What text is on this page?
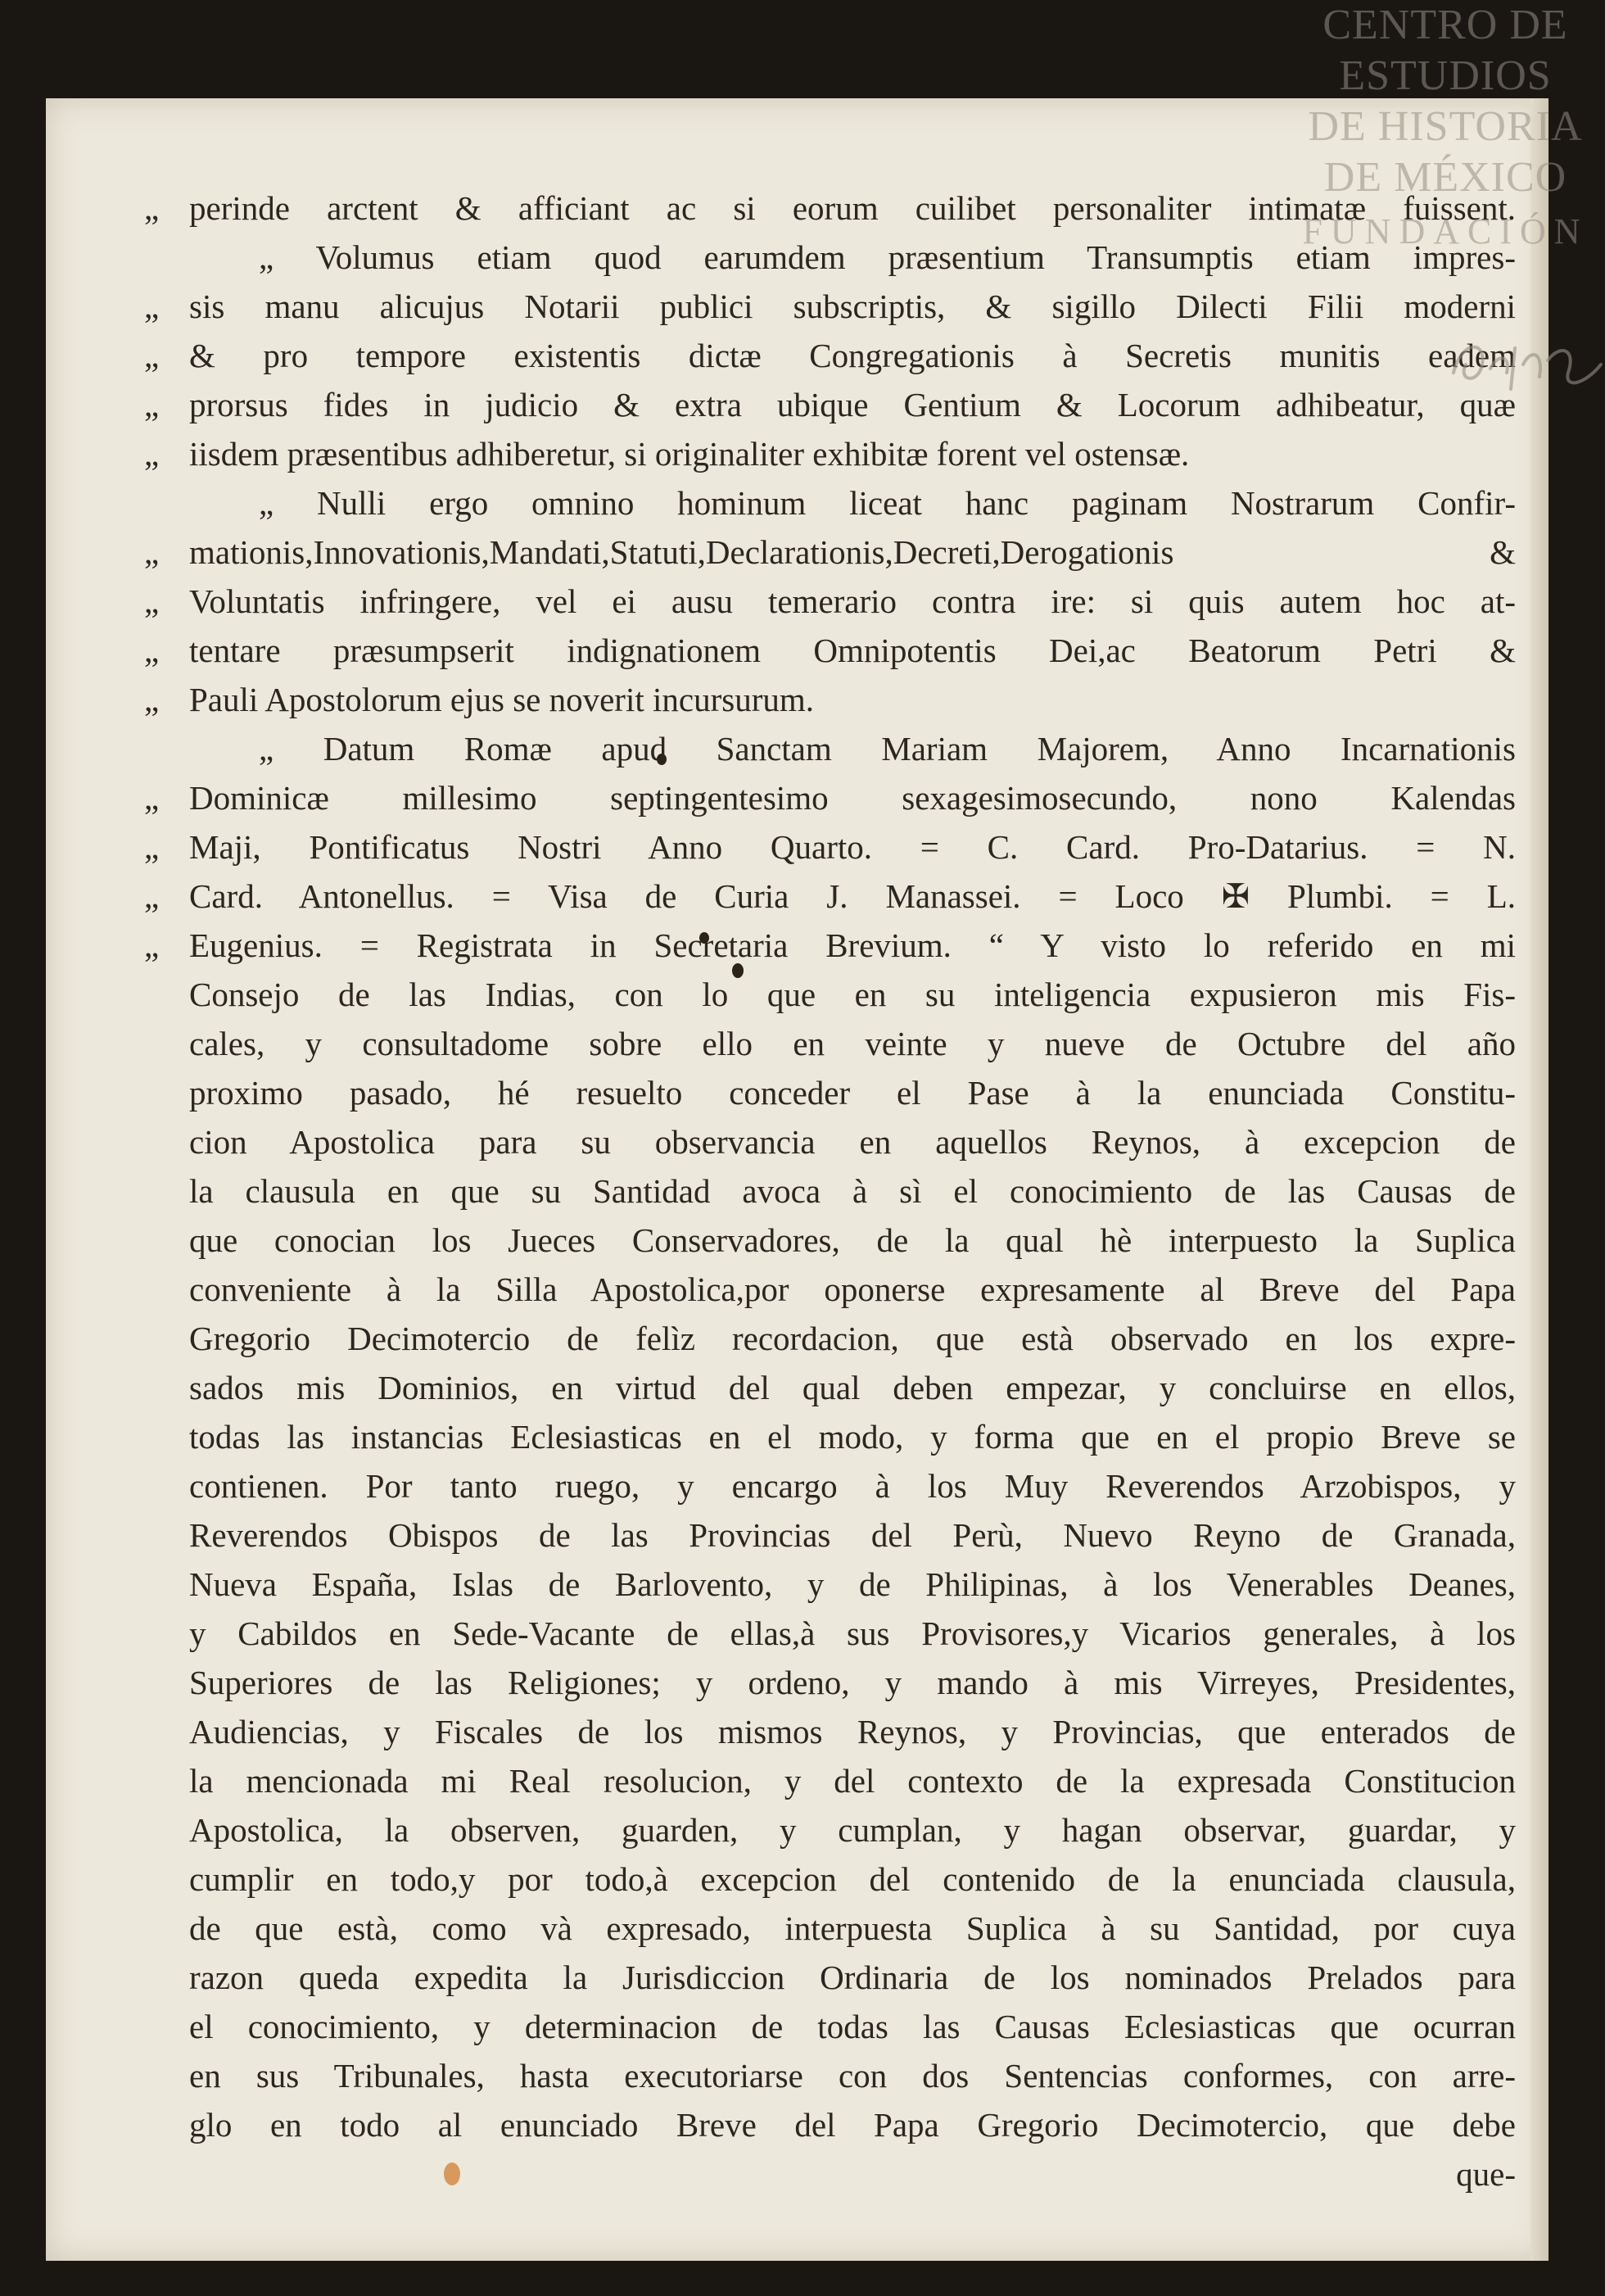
„ perinde arctent & afficiant ac si eorum cuilibet personaliter intimatæ fuissent.
„ Volumus etiam quod earumdem præsentium Transumptis etiam impres-
„ sis manu alicujus Notarii publici subscriptis, & sigillo Dilecti Filii moderni
„ & pro tempore existentis dictæ Congregationis à Secretis munitis eadem
„ prorsus fides in judicio & extra ubique Gentium & Locorum adhibeatur, quæ
„ iisdem præsentibus adhiberetur, si originaliter exhibitæ forent vel ostensæ.
„ Nulli ergo omnino hominum liceat hanc paginam Nostrarum Confir-
„ mationis,Innovationis,Mandati,Statuti,Declarationis,Decreti,Derogationis &
„ Voluntatis infringere, vel ei ausu temerario contra ire: si quis autem hoc at-
„ tentare præsumpserit indignationem Omnipotentis Dei,ac Beatorum Petri &
„ Pauli Apostolorum ejus se noverit incursurum.
„ Datum Romæ apud Sanctam Mariam Majorem, Anno Incarnationis
„ Dominicæ millesimo septingentesimo sexagesimosecundo, nono Kalendas
„ Maji, Pontificatus Nostri Anno Quarto. = C. Card. Pro-Datarius. = N.
„ Card. Antonellus. = Visa de Curia J. Manassei. = Loco ✠ Plumbi. = L.
„ Eugenius. = Registrata in Secretaria Brevium. “ Y visto lo referido en mi
Consejo de las Indias, con lo que en su inteligencia expusieron mis Fis-
cales, y consultadome sobre ello en veinte y nueve de Octubre del año
proximo pasado, hé resuelto conceder el Pase à la enunciada Constitu-
cion Apostolica para su observancia en aquellos Reynos, à excepcion de
la clausula en que su Santidad avoca à sì el conocimiento de las Causas de
que conocian los Jueces Conservadores, de la qual hè interpuesto la Suplica
conveniente à la Silla Apostolica,por oponerse expresamente al Breve del Papa
Gregorio Decimotercio de felìz recordacion, que està observado en los expre-
sados mis Dominios, en virtud del qual deben empezar, y concluirse en ellos,
todas las instancias Eclesiasticas en el modo, y forma que en el propio Breve se
contienen. Por tanto ruego, y encargo à los Muy Reverendos Arzobispos, y
Reverendos Obispos de las Provincias del Perù, Nuevo Reyno de Granada,
Nueva España, Islas de Barlovento, y de Philipinas, à los Venerables Deanes,
y Cabildos en Sede-Vacante de ellas,à sus Provisores,y Vicarios generales, à los
Superiores de las Religiones; y ordeno, y mando à mis Virreyes, Presidentes,
Audiencias, y Fiscales de los mismos Reynos, y Provincias, que enterados de
la mencionada mi Real resolucion, y del contexto de la expresada Constitucion
Apostolica, la observen, guarden, y cumplan, y hagan observar, guardar, y
cumplir en todo,y por todo,à excepcion del contenido de la enunciada clausula,
de que està, como và expresado, interpuesta Suplica à su Santidad, por cuya
razon queda expedita la Jurisdiccion Ordinaria de los nominados Prelados para
el conocimiento, y determinacion de todas las Causas Eclesiasticas que ocurran
en sus Tribunales, hasta executoriarse con dos Sentencias conformes, con arre-
glo en todo al enunciado Breve del Papa Gregorio Decimotercio, que debe
que-
CENTRO DE
ESTUDIOS
DE HISTORIA
DE MÉXICO
FUNDACIÓN
